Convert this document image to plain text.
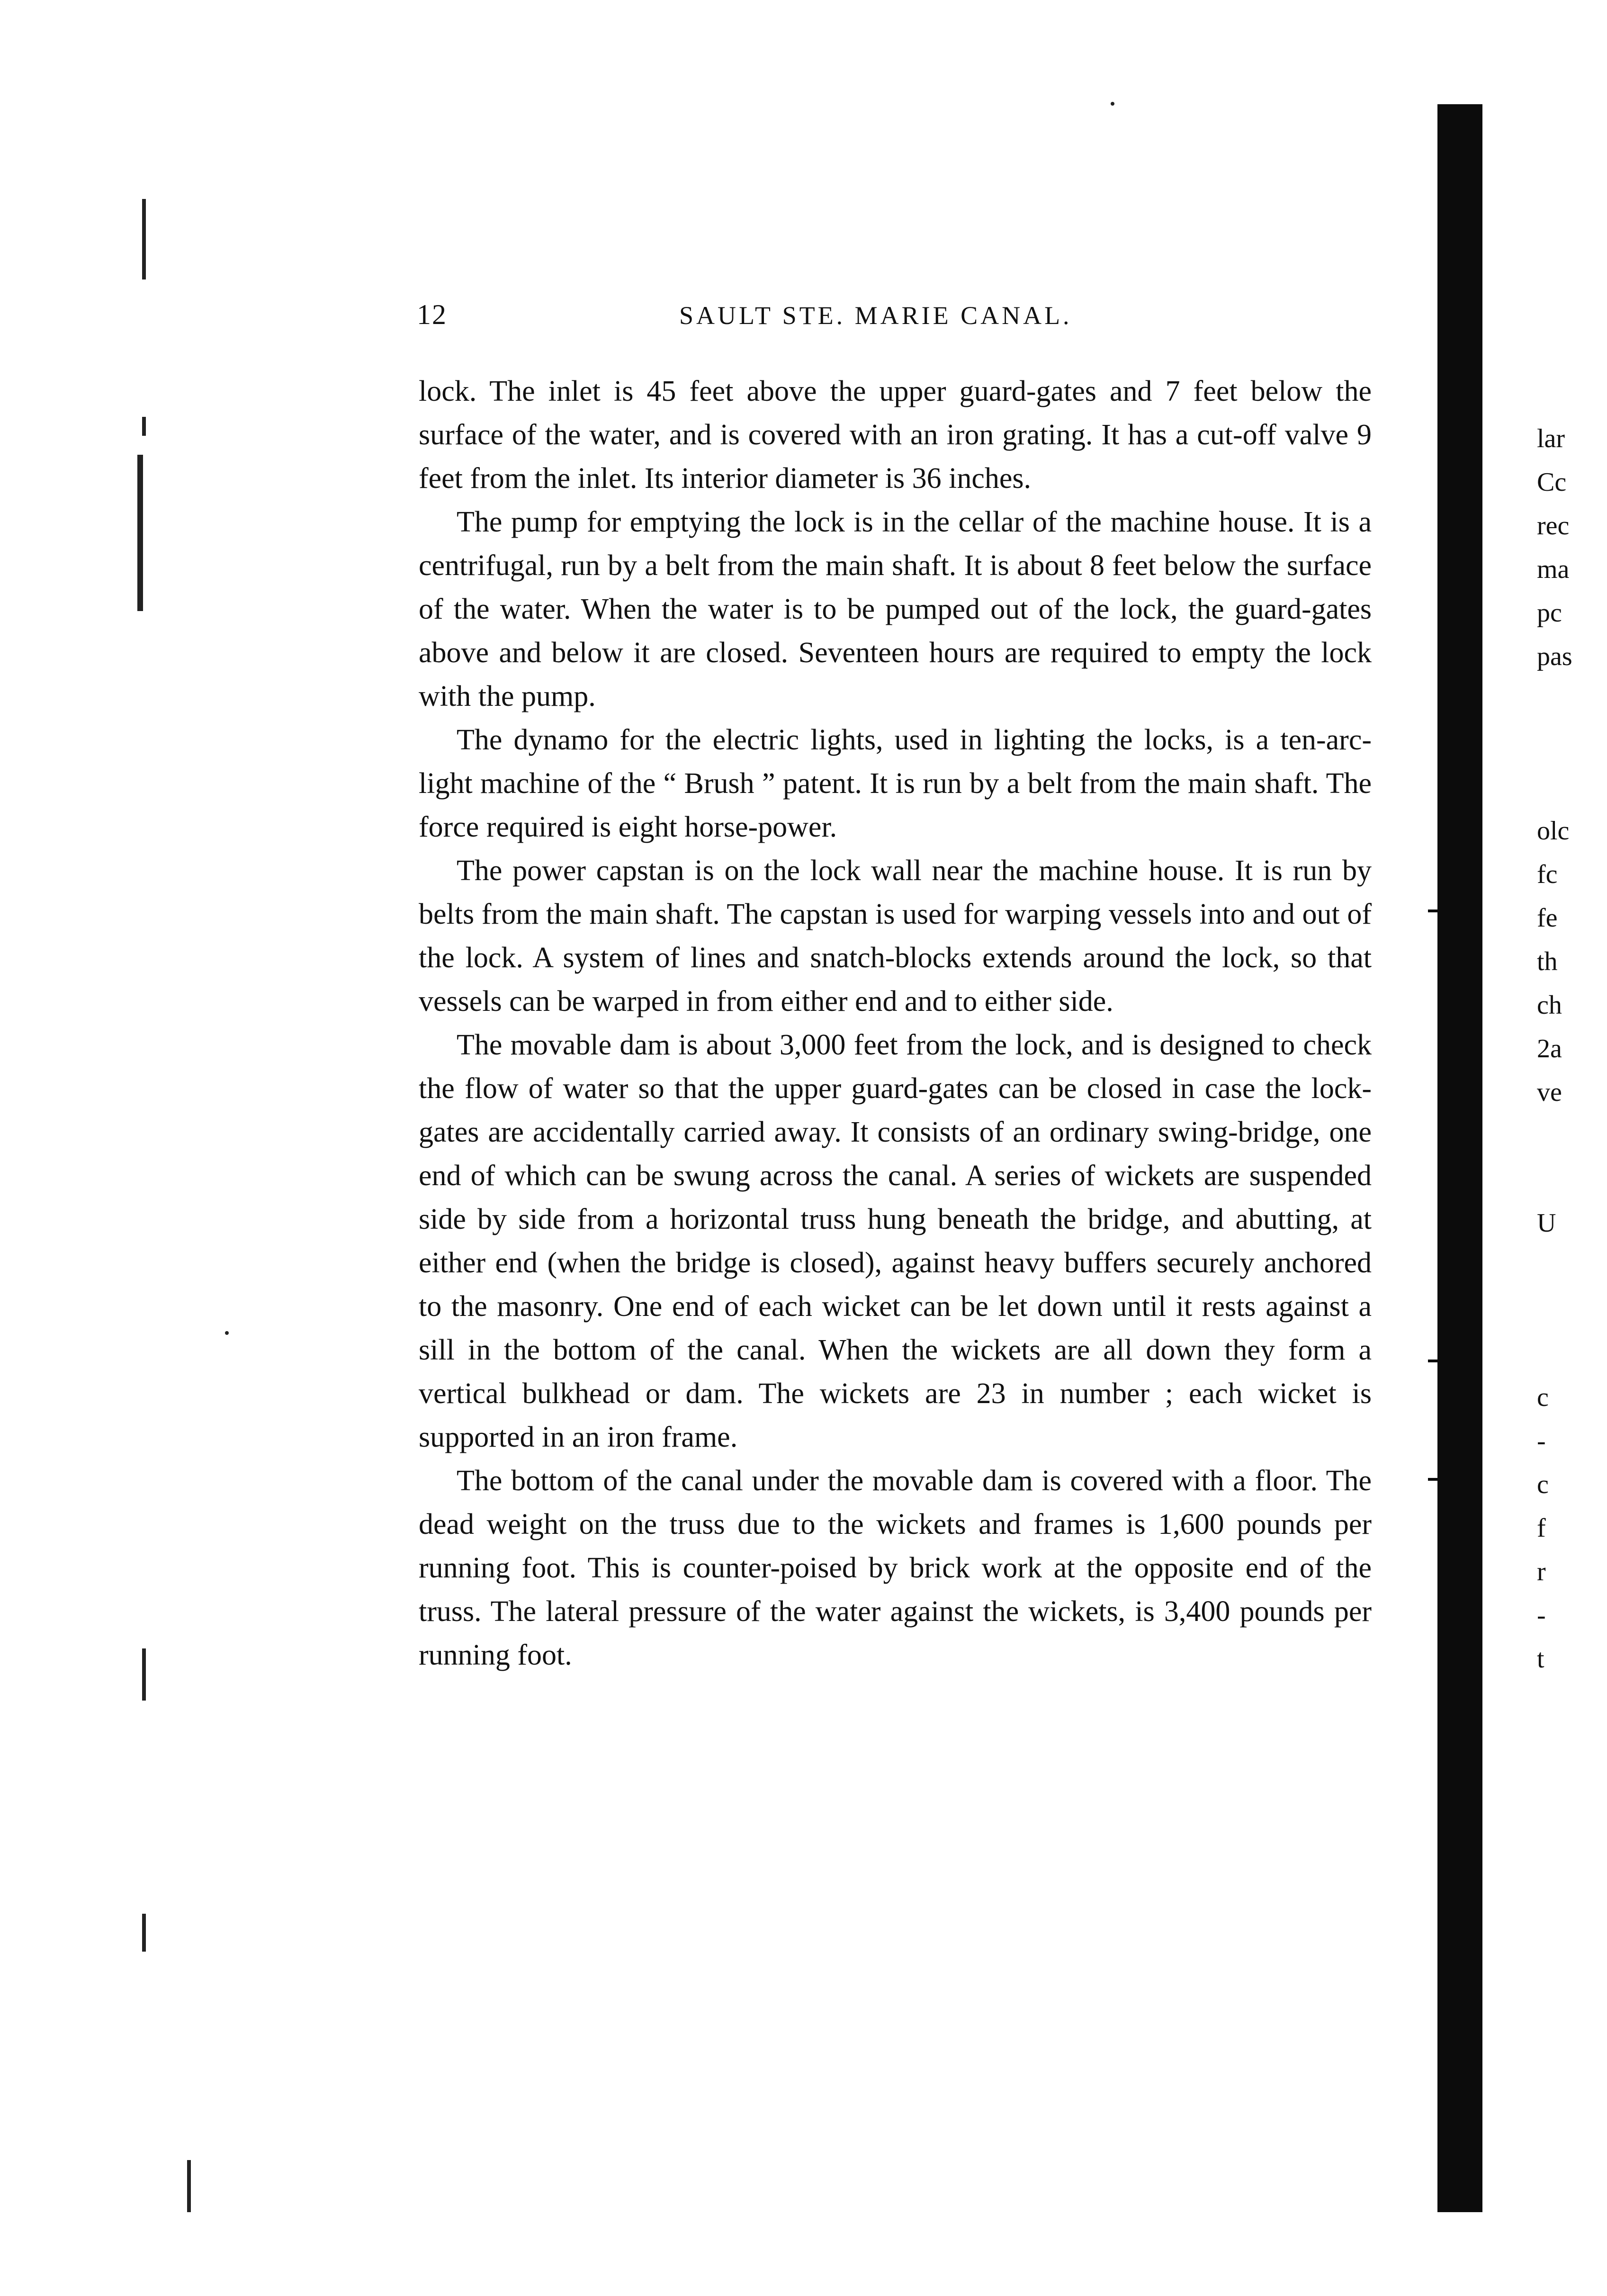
12	SAULT STE. MARIE CANAL.

lock. The inlet is 45 feet above the upper guard-gates and 7 feet below the surface of the water, and is covered with an iron grating. It has a cut-off valve 9 feet from the inlet. Its interior diameter is 36 inches.

The pump for emptying the lock is in the cellar of the machine house. It is a centrifugal, run by a belt from the main shaft. It is about 8 feet below the surface of the water. When the water is to be pumped out of the lock, the guard-gates above and below it are closed. Seventeen hours are required to empty the lock with the pump.

The dynamo for the electric lights, used in lighting the locks, is a ten-arc-light machine of the “ Brush ” patent. It is run by a belt from the main shaft. The force required is eight horse-power.

The power capstan is on the lock wall near the machine house. It is run by belts from the main shaft. The capstan is used for warping vessels into and out of the lock. A system of lines and snatch-blocks extends around the lock, so that vessels can be warped in from either end and to either side.

The movable dam is about 3,000 feet from the lock, and is designed to check the flow of water so that the upper guard-gates can be closed in case the lock-gates are accidentally carried away. It consists of an ordinary swing-bridge, one end of which can be swung across the canal. A series of wickets are suspended side by side from a horizontal truss hung beneath the bridge, and abutting, at either end (when the bridge is closed), against heavy buffers securely anchored to the masonry. One end of each wicket can be let down until it rests against a sill in the bottom of the canal. When the wickets are all down they form a vertical bulkhead or dam. The wickets are 23 in number ; each wicket is supported in an iron frame.

The bottom of the canal under the movable dam is covered with a floor. The dead weight on the truss due to the wickets and frames is 1,600 pounds per running foot. This is counter-poised by brick work at the opposite end of the truss. The lateral pressure of the water against the wickets, is 3,400 pounds per running foot.

lar
Cc
rec
ma
pc
pas
olc
fc
fe
th
ch
2a
ve
U
c
-
c
f
r
-
t
